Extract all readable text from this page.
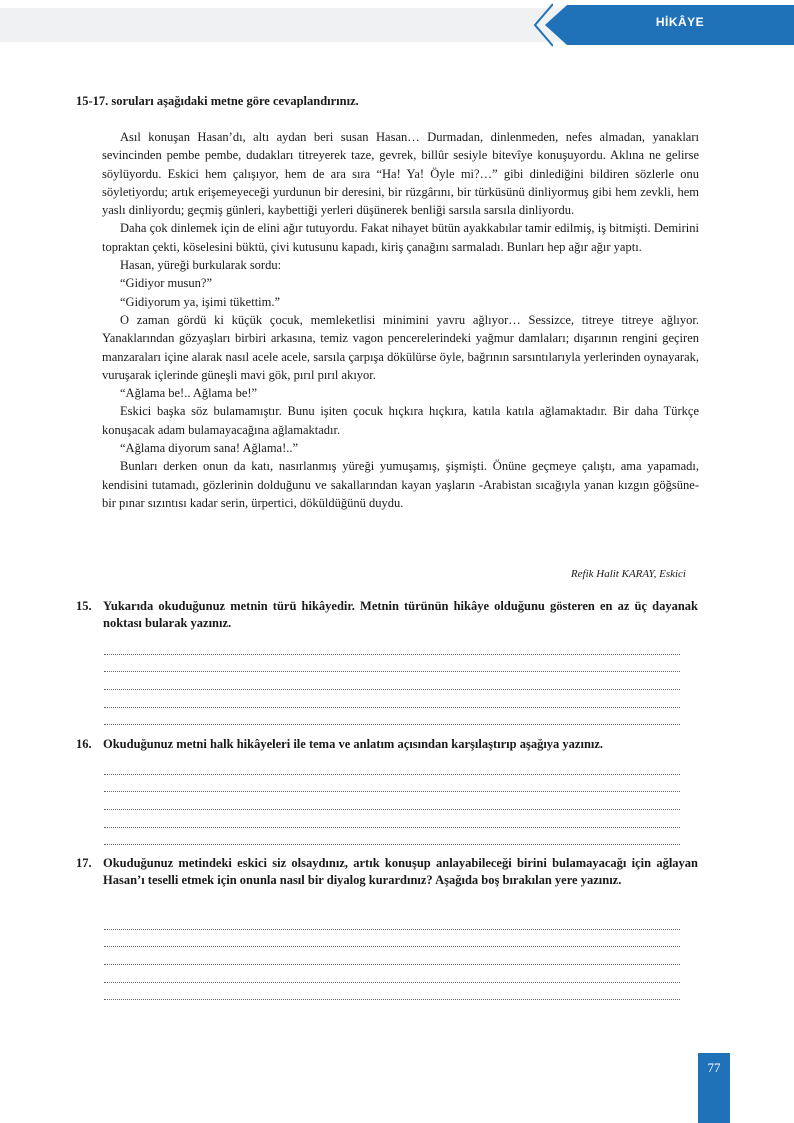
HİKÂYE
15-17. soruları aşağıdaki metne göre cevaplandırınız.

Asıl konuşan Hasan’dı, altı aydan beri susan Hasan… Durmadan, dinlenmeden, nefes almadan, yanakları sevincinden pembe pembe, dudakları titreyerek taze, gevrek, billûr sesiyle bitevîye konuşuyordu. Aklına ne gelirse söylüyordu. Eskici hem çalışıyor, hem de ara sıra “Ha! Ya! Öyle mi?…” gibi dinlediğini bildiren sözlerle onu söyletiyordu; artık erişemeyeceği yurdunun bir deresini, bir rüzgârını, bir türküsünü dinliyormuş gibi hem zevkli, hem yaslı dinliyordu; geçmiş günleri, kaybettiği yerleri düşünerek benliği sarsıla sarsıla dinliyordu.

Daha çok dinlemek için de elini ağır tutuyordu. Fakat nihayet bütün ayakkabılar tamir edilmiş, iş bitmişti. Demirini topraktan çekti, köselesini büktü, çivi kutusunu kapadı, kiriş çanağını sarmaladı. Bunları hep ağır ağır yaptı.

Hasan, yüreği burkularak sordu:

“Gidiyor musun?”

“Gidiyorum ya, işimi tükettim.”

O zaman gördü ki küçük çocuk, memleketlisi minimini yavru ağlıyor… Sessizce, titreye titreye ağlıyor. Yanaklarından gözyaşları birbiri arkasına, temiz vagon pencerelerindeki yağmur damlaları; dışarının rengini geçiren manzaraları içine alarak nasıl acele acele, sarsıla çarpışa dökülürse öyle, bağrının sarsıntılarıyla yerlerinden oynayarak, vuruşarak içlerinde güneşli mavi gök, pırıl pırıl akıyor.

“Ağlama be!.. Ağlama be!”

Eskici başka söz bulamamıştır. Bunu işiten çocuk hıçkıra hıçkıra, katıla katıla ağlamaktadır. Bir daha Türkçe konuşacak adam bulamayacağına ağlamaktadır.

“Ağlama diyorum sana! Ağlama!..”

Bunları derken onun da katı, nasırlanmış yüreği yumuşamış, şişmişti. Önüne geçmeye çalıştı, ama yapamadı, kendisini tutamadı, gözlerinin dolduğunu ve sakallarından kayan yaşların -Arabistan sıcağıyla yanan kızgın göğsüne- bir pınar sızıntısı kadar serin, ürpertici, döküldüğünü duydu.

Refik Halit KARAY, Eskici
15. Yukarıda okuduğunuz metnin türü hikâyedir. Metnin türünün hikâye olduğunu gösteren en az üç dayanak noktası bularak yazınız.
16. Okuduğunuz metni halk hikâyeleri ile tema ve anlatım açısından karşılaştırıp aşağıya yazınız.
17. Okuduğunuz metindeki eskici siz olsaydınız, artık konuşup anlayabileceği birini bulamayacağı için ağlayan Hasan’ı teselli etmek için onunla nasıl bir diyalog kurardınız? Aşağıda boş bırakılan yere yazınız.
77
